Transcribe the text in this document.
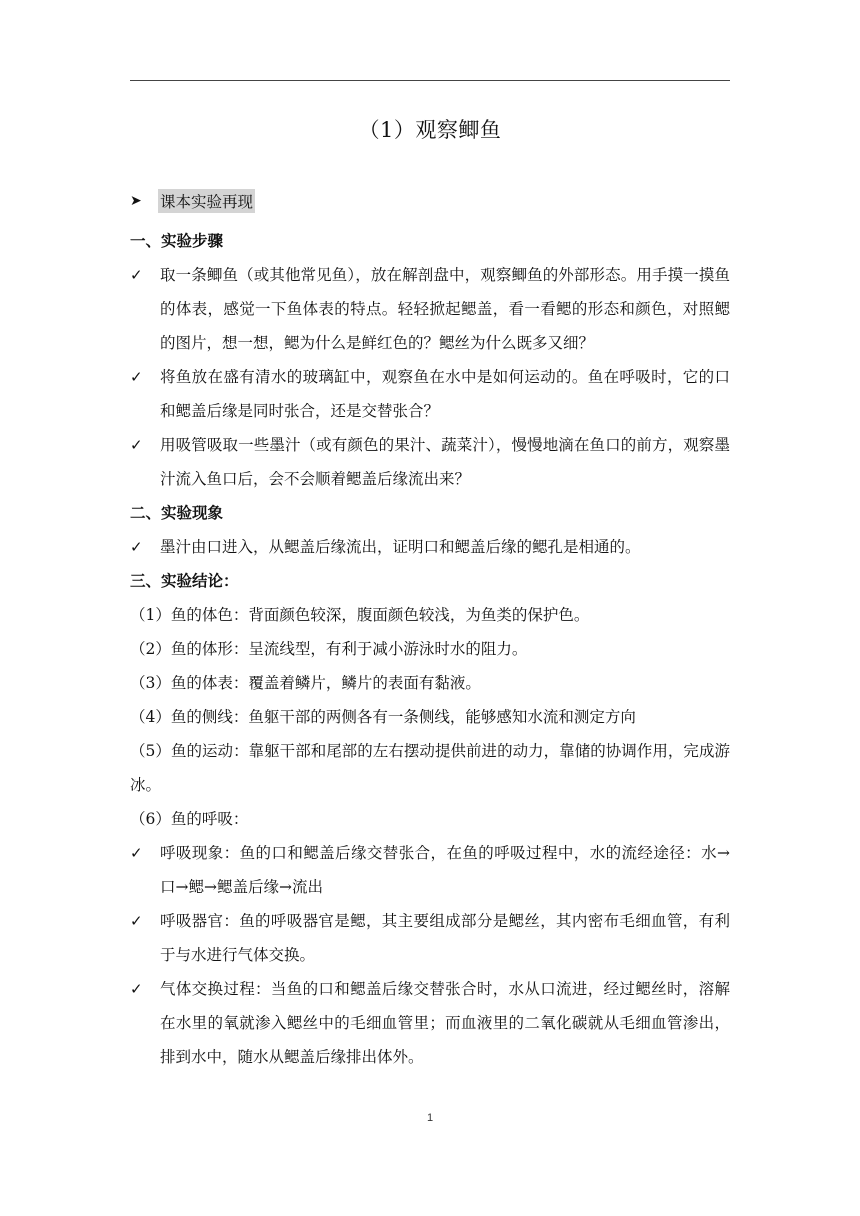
（1）观察鲫鱼
➤	课本实验再现
一、实验步骤
✓	取一条鲫鱼（或其他常见鱼），放在解剖盘中，观察鲫鱼的外部形态。用手摸一摸鱼的体表，感觉一下鱼体表的特点。轻轻掀起鳃盖，看一看鳃的形态和颜色，对照鳃的图片，想一想，鳃为什么是鲜红色的？鳃丝为什么既多又细？
✓	将鱼放在盛有清水的玻璃缸中，观察鱼在水中是如何运动的。鱼在呼吸时，它的口和鳃盖后缘是同时张合，还是交替张合？
✓	用吸管吸取一些墨汁（或有颜色的果汁、蔬菜汁），慢慢地滴在鱼口的前方，观察墨汁流入鱼口后，会不会顺着鳃盖后缘流出来？
二、实验现象
✓	墨汁由口进入，从鳃盖后缘流出，证明口和鳃盖后缘的鳃孔是相通的。
三、实验结论：
（1）鱼的体色：背面颜色较深，腹面颜色较浅，为鱼类的保护色。
（2）鱼的体形：呈流线型，有利于减小游泳时水的阻力。
（3）鱼的体表：覆盖着鳞片，鳞片的表面有黏液。
（4）鱼的侧线：鱼躯干部的两侧各有一条侧线，能够感知水流和测定方向
（5）鱼的运动：靠躯干部和尾部的左右摆动提供前进的动力，靠储的协调作用，完成游冰。
（6）鱼的呼吸：
✓	呼吸现象：鱼的口和鳃盖后缘交替张合，在鱼的呼吸过程中，水的流经途径：水→口→鳃→鳃盖后缘→流出
✓	呼吸器官：鱼的呼吸器官是鳃，其主要组成部分是鳃丝，其内密布毛细血管，有利于与水进行气体交换。
✓	气体交换过程：当鱼的口和鳃盖后缘交替张合时，水从口流进，经过鳃丝时，溶解在水里的氧就渗入鳃丝中的毛细血管里；而血液里的二氧化碳就从毛细血管渗出，排到水中，随水从鳃盖后缘排出体外。
1
